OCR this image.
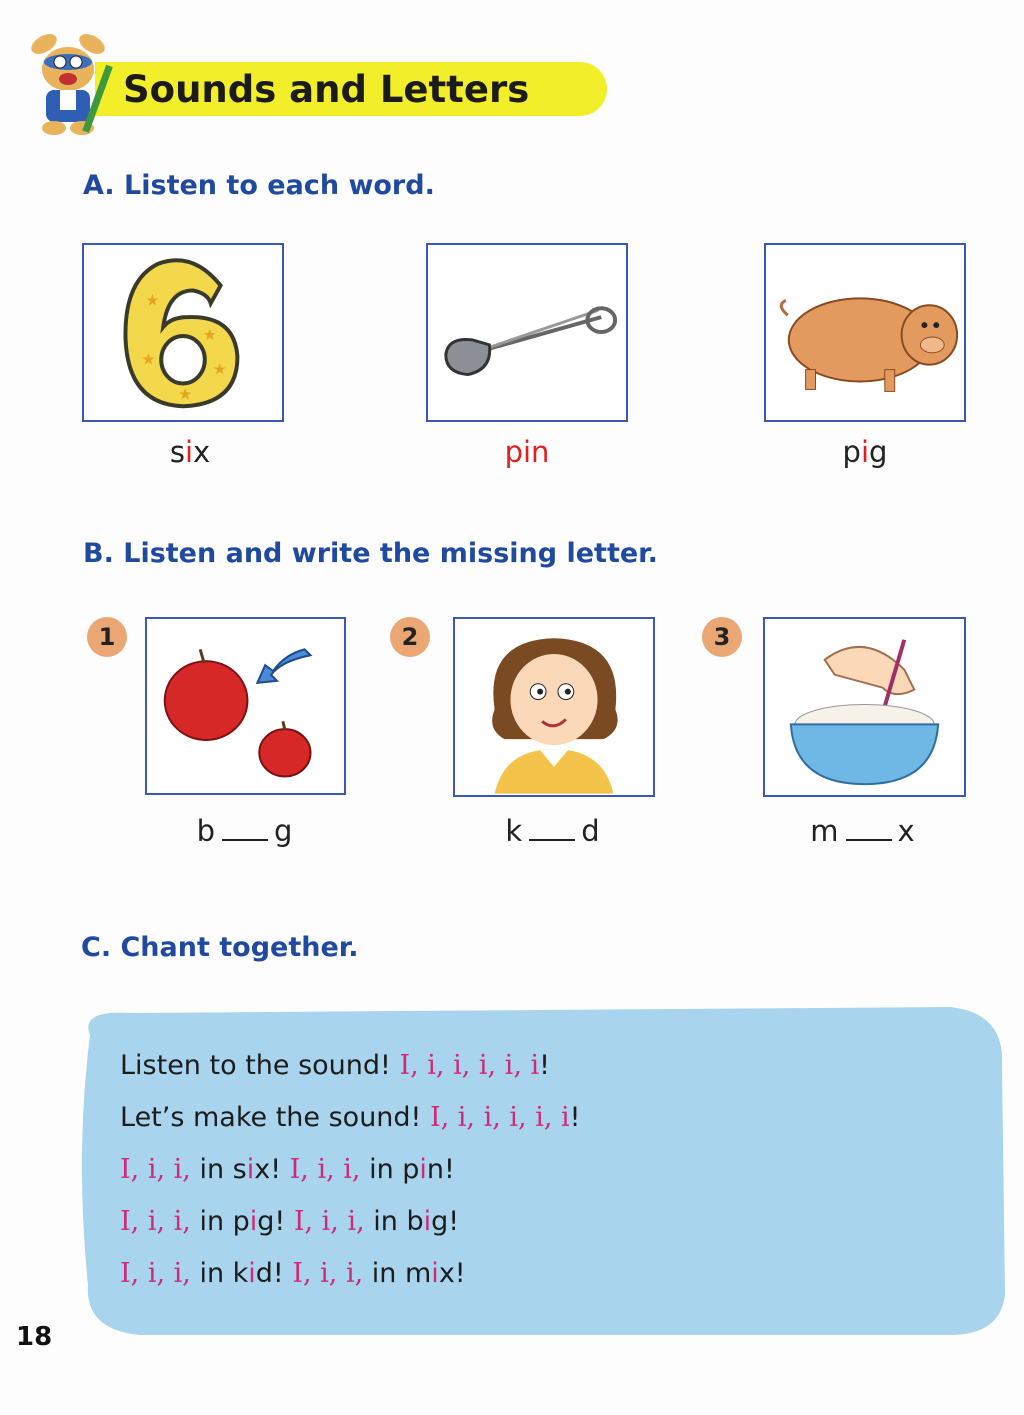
Sounds and Letters
A. Listen to each word.
★
★
★
★
★
six	pin	pig
B. Listen and write the missing letter.
1	2	3
b g	k d	m x
C. Chant together.
Listen to the sound! I, i, i, i, i, i!
Let’s make the sound! I, i, i, i, i, i!
I, i, i, in six! I, i, i, in pin!
I, i, i, in pig! I, i, i, in big!
I, i, i, in kid! I, i, i, in mix!
18
